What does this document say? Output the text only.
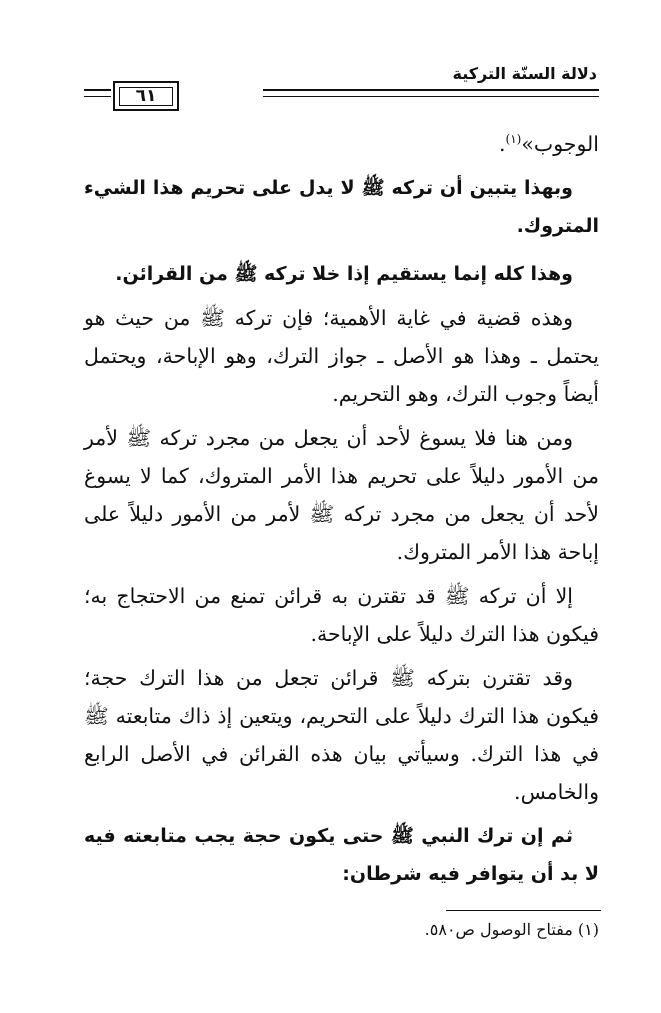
دلالة السنّة التركية
٦١

الوجوب»$^{(١)}$.

وبهذا يتبين أن تركه ﷺ لا يدل على تحريم هذا الشيء المتروك.

وهذا كله إنما يستقيم إذا خلا تركه ﷺ من القرائن.

وهذه قضية في غاية الأهمية؛ فإن تركه ﷺ من حيث هو يحتمل ـ وهذا هو الأصل ـ جواز الترك، وهو الإباحة، ويحتمل أيضاً وجوب الترك، وهو التحريم.

ومن هنا فلا يسوغ لأحد أن يجعل من مجرد تركه ﷺ لأمر من الأمور دليلاً على تحريم هذا الأمر المتروك، كما لا يسوغ لأحد أن يجعل من مجرد تركه ﷺ لأمر من الأمور دليلاً على إباحة هذا الأمر المتروك.

إلا أن تركه ﷺ قد تقترن به قرائن تمنع من الاحتجاج به؛ فيكون هذا الترك دليلاً على الإباحة.

وقد تقترن بتركه ﷺ قرائن تجعل من هذا الترك حجة؛ فيكون هذا الترك دليلاً على التحريم، ويتعين إذ ذاك متابعته ﷺ في هذا الترك. وسيأتي بيان هذه القرائن في الأصل الرابع والخامس.

ثم إن ترك النبي ﷺ حتى يكون حجة يجب متابعته فيه لا بد أن يتوافر فيه شرطان:

(١) مفتاح الوصول ص٥٨٠.
